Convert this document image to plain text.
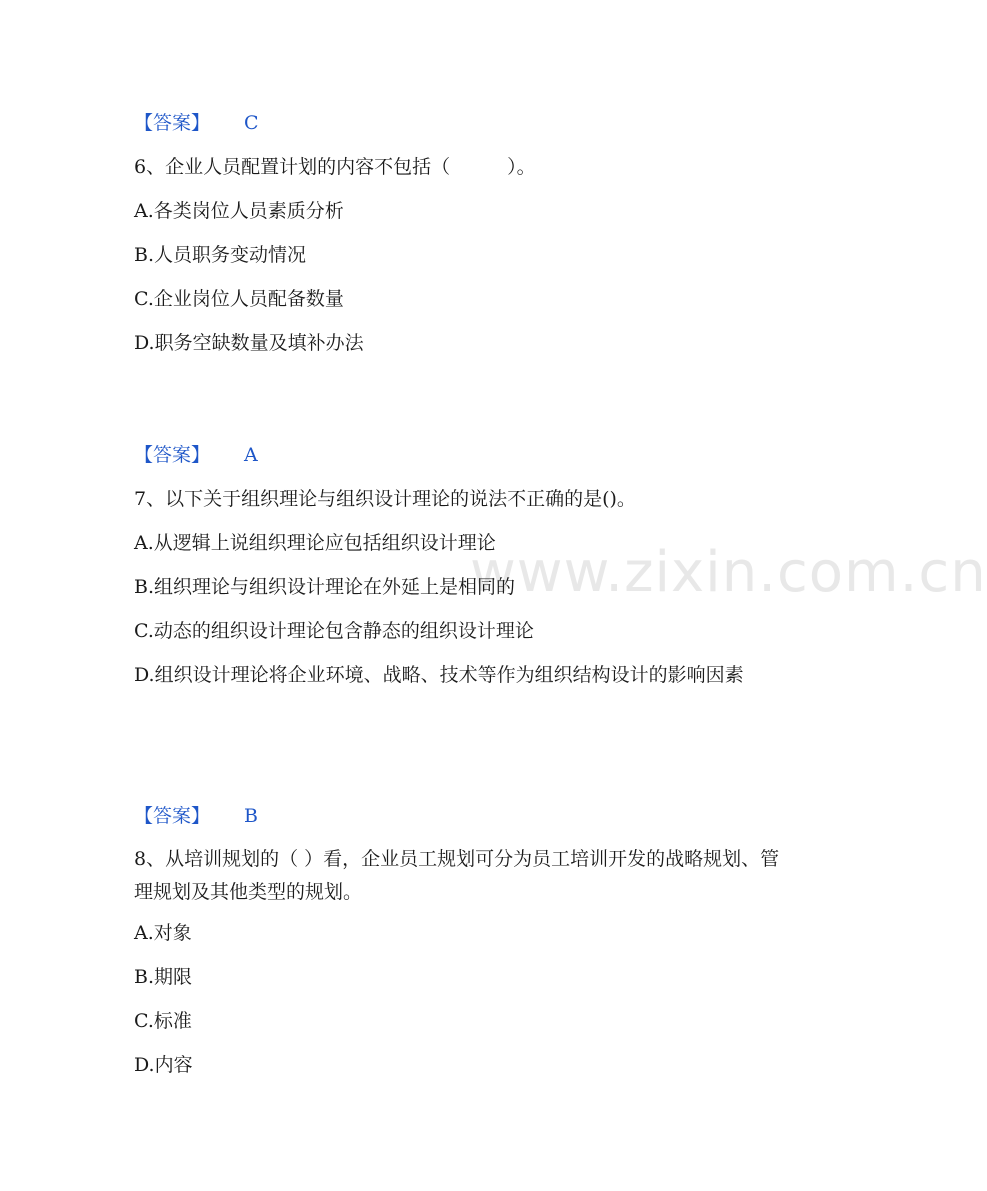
www.zixin.com.cn
【答案】 C
6、企业人员配置计划的内容不包括（　　　）。
A.各类岗位人员素质分析
B.人员职务变动情况
C.企业岗位人员配备数量
D.职务空缺数量及填补办法
【答案】 A
7、以下关于组织理论与组织设计理论的说法不正确的是()。
A.从逻辑上说组织理论应包括组织设计理论
B.组织理论与组织设计理论在外延上是相同的
C.动态的组织设计理论包含静态的组织设计理论
D.组织设计理论将企业环境、战略、技术等作为组织结构设计的影响因素
【答案】 B
8、从培训规划的（ ）看，企业员工规划可分为员工培训开发的战略规划、管理规划及其他类型的规划。
A.对象
B.期限
C.标准
D.内容
